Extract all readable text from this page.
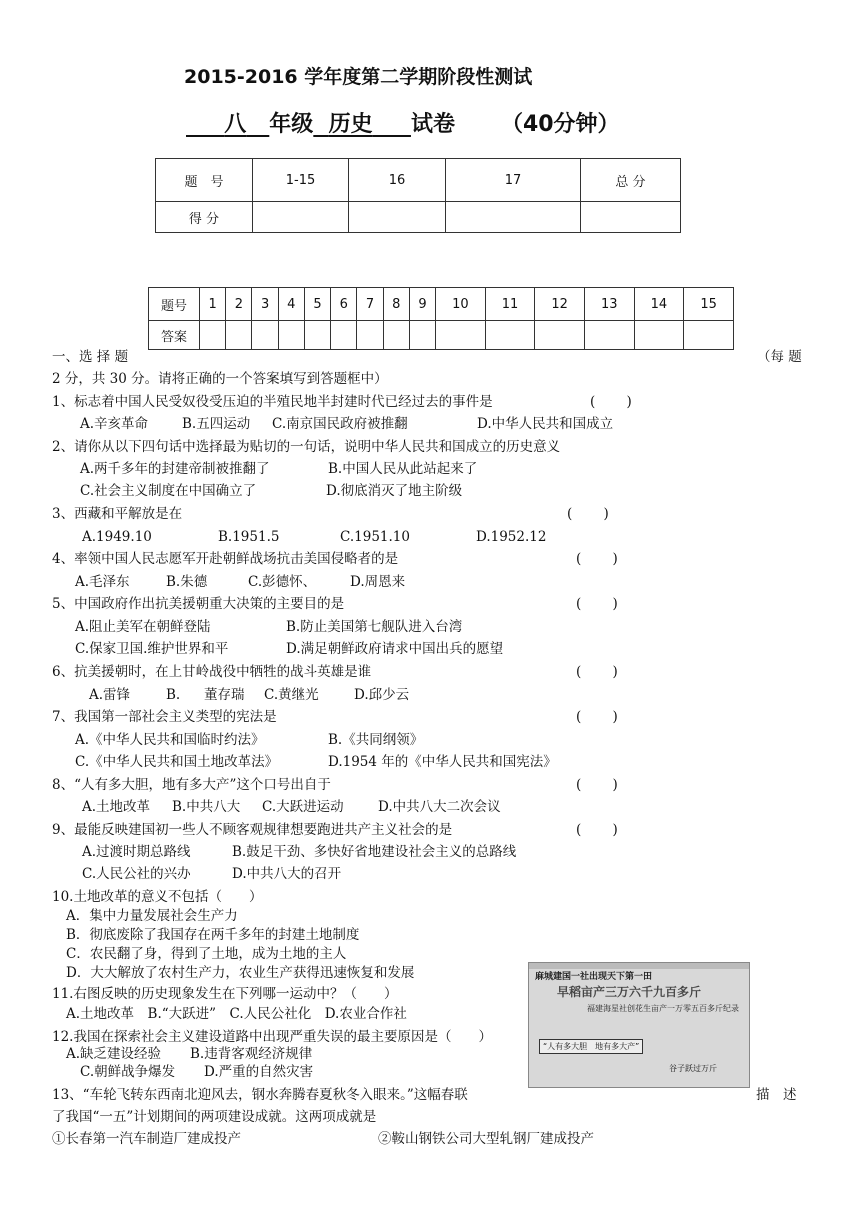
2015-2016 学年度第二学期阶段性测试
八 年级 历史 试卷 （40分钟）
题　号	1-15	16	17	总 分
得 分				
题号	1	2	3	4	5	6	7	8	9	10	11	12	13	14	15
答案															
一、选 择 题	（每 题
2 分，共 30 分。请将正确的一个答案填写到答题框中）
1、标志着中国人民受奴役受压迫的半殖民地半封建时代已经过去的事件是	(　　 )
A.辛亥革命	B.五四运动 C.南京国民政府被推翻	D.中华人民共和国成立
2、请你从以下四句话中选择最为贴切的一句话，说明中华人民共和国成立的历史意义
A.两千多年的封建帝制被推翻了	B.中国人民从此站起来了
C.社会主义制度在中国确立了	D.彻底消灭了地主阶级
3、西藏和平解放是在	(　　 )
A.1949.10	B.1951.5	C.1951.10	D.1952.12
4、率领中国人民志愿军开赴朝鲜战场抗击美国侵略者的是	(　　 )
A.毛泽东	B.朱德	C.彭德怀、	D.周恩来
5、中国政府作出抗美援朝重大决策的主要目的是	(　　 )
A.阻止美军在朝鲜登陆	B.防止美国第七舰队进入台湾
C.保家卫国.维护世界和平	D.满足朝鲜政府请求中国出兵的愿望
6、抗美援朝时，在上甘岭战役中牺牲的战斗英雄是谁	(　　 )
A.雷锋	B. 董存瑞 C.黄继光	D.邱少云
7、我国第一部社会主义类型的宪法是	(　　 )
A.《中华人民共和国临时约法》	B.《共同纲领》
C.《中华人民共和国土地改革法》	D.1954 年的《中华人民共和国宪法》
8、“人有多大胆，地有多大产”这个口号出自于	(　　 )
A.土地改革 B.中共八大 C.大跃进运动	D.中共八大二次会议
9、最能反映建国初一些人不顾客观规律想要跑进共产主义社会的是	(　　 )
A.过渡时期总路线	B.鼓足干劲、多快好省地建设社会主义的总路线
C.人民公社的兴办	D.中共八大的召开
10.土地改革的意义不包括（　　）
A．集中力量发展社会生产力
B．彻底废除了我国存在两千多年的封建土地制度
C．农民翻了身，得到了土地，成为土地的主人
D．大大解放了农村生产力，农业生产获得迅速恢复和发展
11.右图反映的历史现象发生在下列哪一运动中？（　　）
A.土地改革　B.“大跃进”　C.人民公社化　D.农业合作社
12.我国在探索社会主义建设道路中出现严重失误的最主要原因是（　　）
A.缺乏建设经验 B.违背客观经济规律
C.朝鲜战争爆发 D.严重的自然灾害
13、“车轮飞转东西南北迎风去，钢水奔腾春夏秋冬入眼来。”这幅春联	描　述
了我国“一五”计划期间的两项建设成就。这两项成就是
①长春第一汽车制造厂建成投产	②鞍山钢铁公司大型轧钢厂建成投产
麻城建国一社出现天下第一田
早稻亩产三万六千九百多斤
福建海星社创花生亩产一万零五百多斤纪录
“人有多大胆　地有多大产”
谷子跃过万斤
